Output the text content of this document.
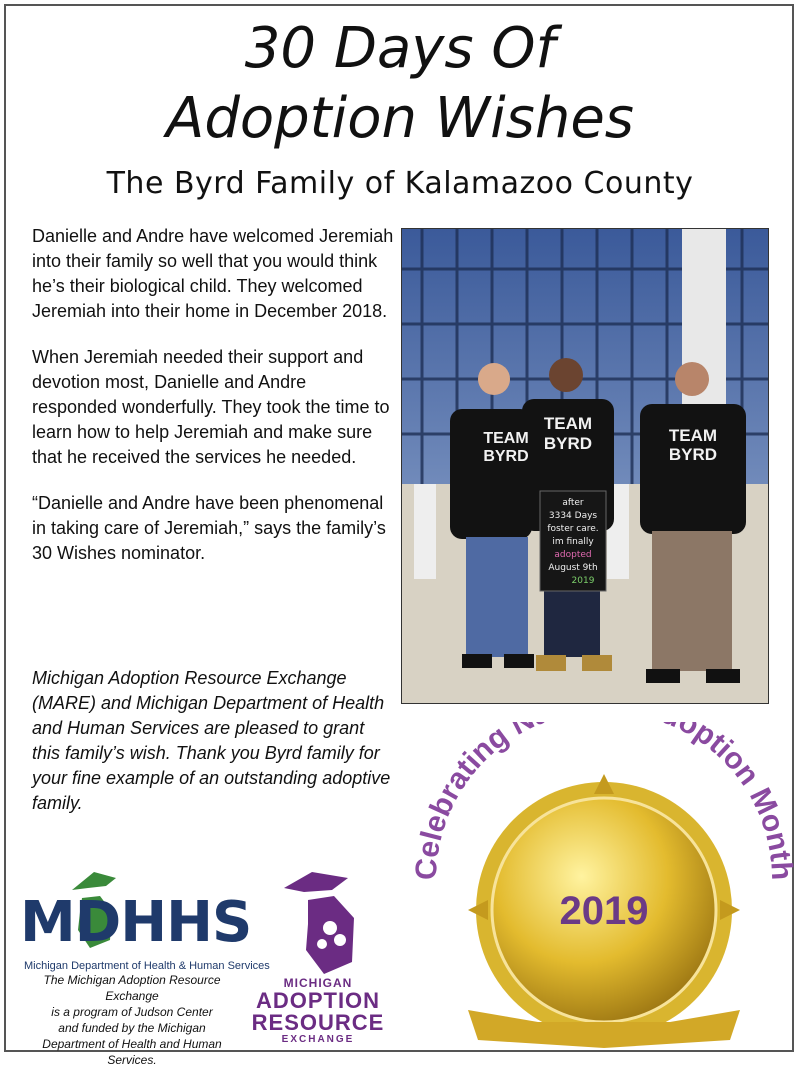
30 Days Of
Adoption Wishes
The Byrd Family of Kalamazoo County

Danielle and Andre have welcomed Jeremiah into their family so well that you would think he’s their biological child. They welcomed Jeremiah into their home in December 2018.

When Jeremiah needed their support and devotion most, Danielle and Andre responded wonderfully. They took the time to learn how to help Jeremiah and make sure that he received the services he needed.

“Danielle and Andre have been phenomenal in taking care of Jeremiah,” says the family’s 30 Wishes nominator.

Michigan Adoption Resource Exchange (MARE) and Michigan Department of Health and Human Services are pleased to grant this family’s wish. Thank you Byrd family for your fine example of an outstanding adoptive family.
TEAM
BYRD
TEAM
BYRD	TEAM
BYRD
after
3334 Days
foster care.
im finally
adopted
August 9th
2019
MDHHS
Michigan Department of Health & Human Services
The Michigan Adoption Resource Exchange
is a program of Judson Center
and funded by the Michigan
Department of Health and Human Services.
MICHIGAN
ADOPTION
RESOURCE
EXCHANGE
Celebrating N option Month
2019
